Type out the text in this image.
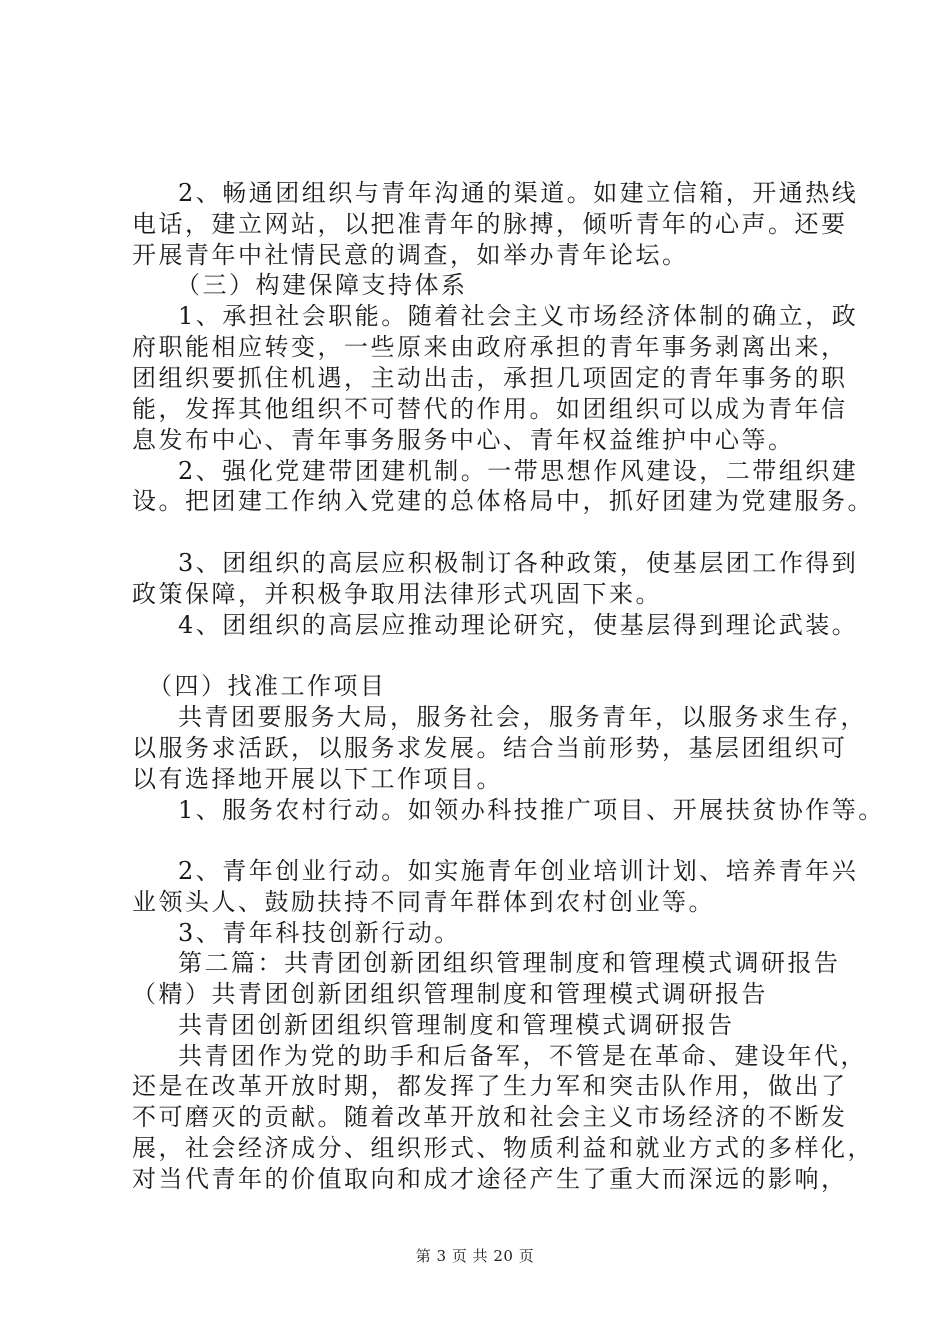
2、畅通团组织与青年沟通的渠道。如建立信箱，开通热线
电话，建立网站，以把准青年的脉搏，倾听青年的心声。还要
开展青年中社情民意的调查，如举办青年论坛。
（三）构建保障支持体系
1、承担社会职能。随着社会主义市场经济体制的确立，政
府职能相应转变，一些原来由政府承担的青年事务剥离出来，
团组织要抓住机遇，主动出击，承担几项固定的青年事务的职
能，发挥其他组织不可替代的作用。如团组织可以成为青年信
息发布中心、青年事务服务中心、青年权益维护中心等。
2、强化党建带团建机制。一带思想作风建设，二带组织建
设。把团建工作纳入党建的总体格局中，抓好团建为党建服务。
3、团组织的高层应积极制订各种政策，使基层团工作得到
政策保障，并积极争取用法律形式巩固下来。
4、团组织的高层应推动理论研究，使基层得到理论武装。
（四）找准工作项目
共青团要服务大局，服务社会，服务青年，以服务求生存，
以服务求活跃，以服务求发展。结合当前形势，基层团组织可
以有选择地开展以下工作项目。
1、服务农村行动。如领办科技推广项目、开展扶贫协作等。
2、青年创业行动。如实施青年创业培训计划、培养青年兴
业领头人、鼓励扶持不同青年群体到农村创业等。
3、青年科技创新行动。
第二篇：共青团创新团组织管理制度和管理模式调研报告
（精）共青团创新团组织管理制度和管理模式调研报告
共青团创新团组织管理制度和管理模式调研报告
共青团作为党的助手和后备军，不管是在革命、建设年代，
还是在改革开放时期，都发挥了生力军和突击队作用，做出了
不可磨灭的贡献。随着改革开放和社会主义市场经济的不断发
展，社会经济成分、组织形式、物质利益和就业方式的多样化，
对当代青年的价值取向和成才途径产生了重大而深远的影响，
第 3 页 共 20 页
